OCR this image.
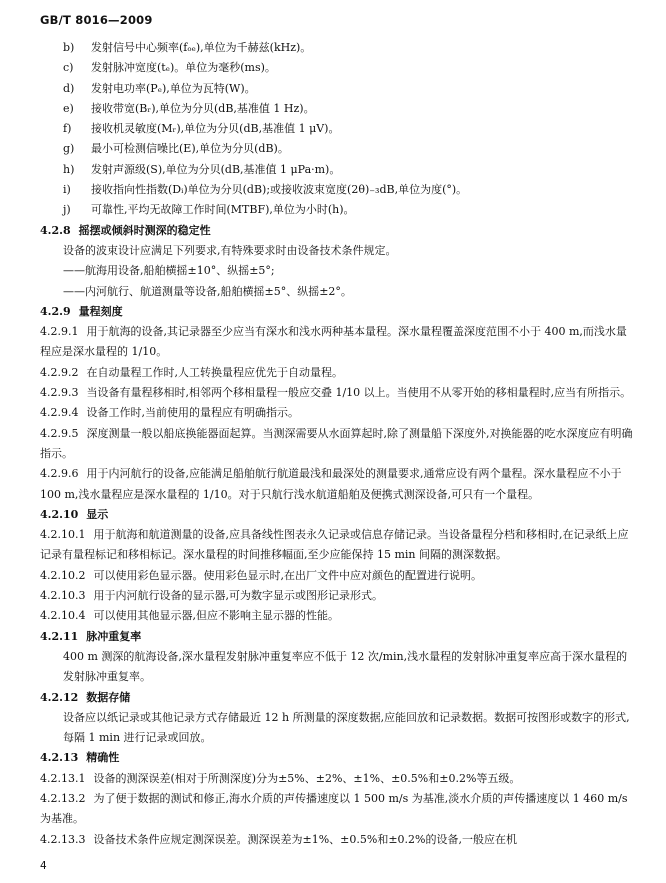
GB/T 8016—2009
b) 发射信号中心频率(fₒₑ),单位为千赫兹(kHz)。
c) 发射脉冲宽度(tₑ)。单位为毫秒(ms)。
d) 发射电功率(Pₑ),单位为瓦特(W)。
e) 接收带宽(Bᵣ),单位为分贝(dB,基准值 1 Hz)。
f) 接收机灵敏度(Mᵣ),单位为分贝(dB,基准值 1 μV)。
g) 最小可检测信噪比(E),单位为分贝(dB)。
h) 发射声源级(S),单位为分贝(dB,基准值 1 μPa·m)。
i) 接收指向性指数(Dᵢ)单位为分贝(dB);或接收波束宽度(2θ)₋₃dB,单位为度(°)。
j) 可靠性,平均无故障工作时间(MTBF),单位为小时(h)。
4.2.8 摇摆或倾斜时测深的稳定性
设备的波束设计应满足下列要求,有特殊要求时由设备技术条件规定。
——航海用设备,船舶横摇±10°、纵摇±5°;
——内河航行、航道测量等设备,船舶横摇±5°、纵摇±2°。
4.2.9 量程刻度
4.2.9.1 用于航海的设备,其记录器至少应当有深水和浅水两种基本量程。深水量程覆盖深度范围不小于 400 m,而浅水量程应是深水量程的 1/10。
4.2.9.2 在自动量程工作时,人工转换量程应优先于自动量程。
4.2.9.3 当设备有量程移相时,相邻两个移相量程一般应交叠 1/10 以上。当使用不从零开始的移相量程时,应当有所指示。
4.2.9.4 设备工作时,当前使用的量程应有明确指示。
4.2.9.5 深度测量一般以船底换能器面起算。当测深需要从水面算起时,除了测量船下深度外,对换能器的吃水深度应有明确指示。
4.2.9.6 用于内河航行的设备,应能满足船舶航行航道最浅和最深处的测量要求,通常应设有两个量程。深水量程应不小于 100 m,浅水量程应是深水量程的 1/10。对于只航行浅水航道船舶及便携式测深设备,可只有一个量程。
4.2.10 显示
4.2.10.1 用于航海和航道测量的设备,应具备线性图表永久记录或信息存储记录。当设备量程分档和移相时,在记录纸上应记录有量程标记和移相标记。深水量程的时间推移幅面,至少应能保持 15 min 间隔的测深数据。
4.2.10.2 可以使用彩色显示器。使用彩色显示时,在出厂文件中应对颜色的配置进行说明。
4.2.10.3 用于内河航行设备的显示器,可为数字显示或图形记录形式。
4.2.10.4 可以使用其他显示器,但应不影响主显示器的性能。
4.2.11 脉冲重复率
400 m 测深的航海设备,深水量程发射脉冲重复率应不低于 12 次/min,浅水量程的发射脉冲重复率应高于深水量程的发射脉冲重复率。
4.2.12 数据存储
设备应以纸记录或其他记录方式存储最近 12 h 所测量的深度数据,应能回放和记录数据。数据可按图形或数字的形式,每隔 1 min 进行记录或回放。
4.2.13 精确性
4.2.13.1 设备的测深误差(相对于所测深度)分为±5%、±2%、±1%、±0.5%和±0.2%等五级。
4.2.13.2 为了便于数据的测试和修正,海水介质的声传播速度以 1 500 m/s 为基准,淡水介质的声传播速度以 1 460 m/s 为基准。
4.2.13.3 设备技术条件应规定测深误差。测深误差为±1%、±0.5%和±0.2%的设备,一般应在机
4
